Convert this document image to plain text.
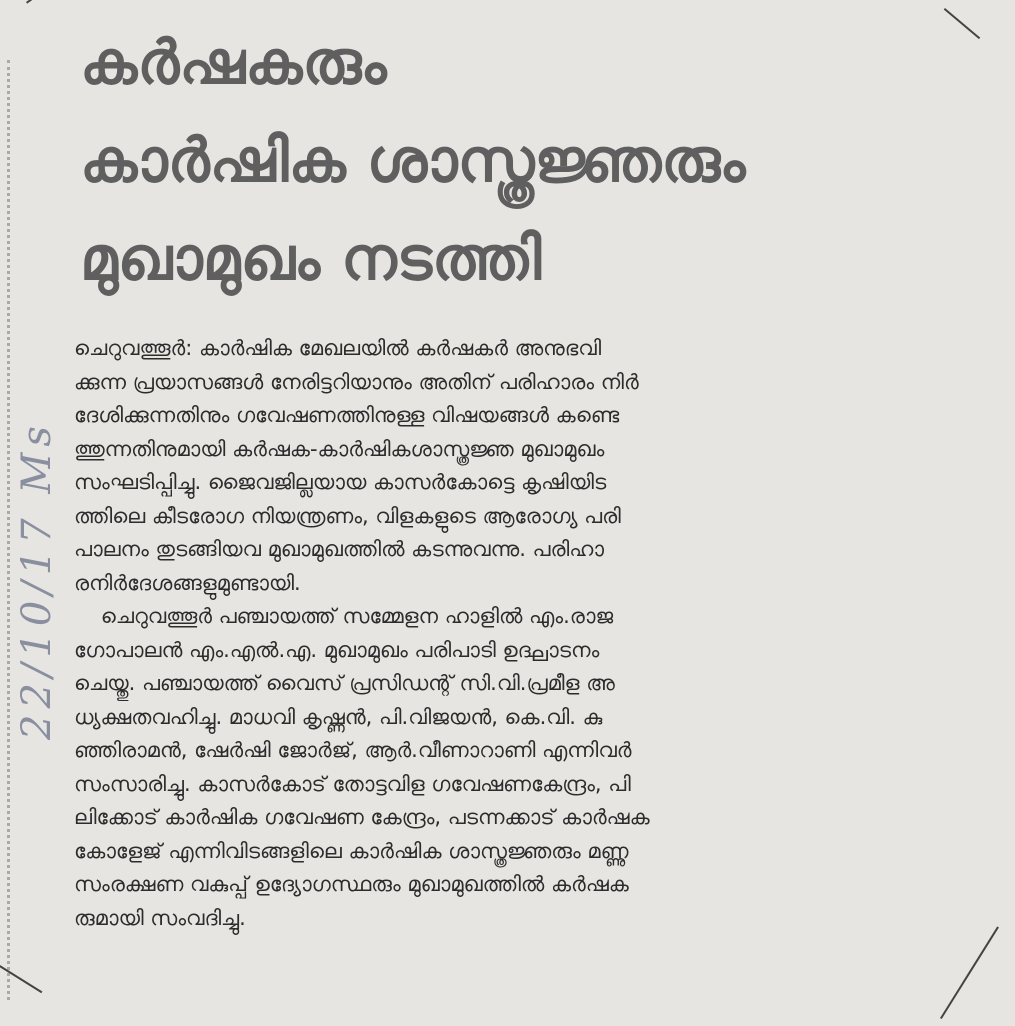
കർഷകരും
കാർഷിക ശാസ്ത്രജ്ഞരും
മുഖാമുഖം നടത്തി
ചെറുവത്തൂർ: കാർഷിക മേഖലയിൽ കർഷകർ അനുഭവി
ക്കുന്ന പ്രയാസങ്ങൾ നേരിട്ടറിയാനും അതിന് പരിഹാരം നിർ
ദേശിക്കുന്നതിനും ഗവേഷണത്തിനുള്ള വിഷയങ്ങൾ കണ്ടെ
ത്തുന്നതിനുമായി കർഷക-കാർഷികശാസ്ത്രജ്ഞ മുഖാമുഖം
സംഘടിപ്പിച്ചു. ജൈവജില്ലയായ കാസർകോട്ടെ കൃഷിയിട
ത്തിലെ കീടരോഗ നിയന്ത്രണം, വിളകളുടെ ആരോഗ്യ പരി
പാലനം തുടങ്ങിയവ മുഖാമുഖത്തിൽ കടന്നുവന്നു. പരിഹാ
രനിർദേശങ്ങളുമുണ്ടായി.
ചെറുവത്തൂർ പഞ്ചായത്ത് സമ്മേളന ഹാളിൽ എം.രാജ
ഗോപാലൻ എം.എൽ.എ. മുഖാമുഖം പരിപാടി ഉദ്ഘാടനം
ചെയ്തു. പഞ്ചായത്ത് വൈസ് പ്രസിഡന്റ് സി.വി.പ്രമീള അ
ധ്യക്ഷതവഹിച്ചു. മാധവി കൃഷ്ണൻ, പി.വിജയൻ, കെ.വി. കു
ഞ്ഞിരാമൻ, ഷേർഷി ജോർജ്, ആർ.വീണാറാണി എന്നിവർ
സംസാരിച്ചു. കാസർകോട് തോട്ടവിള ഗവേഷണകേന്ദ്രം, പി
ലിക്കോട് കാർഷിക ഗവേഷണ കേന്ദ്രം, പടന്നക്കാട് കാർഷക
കോളേജ് എന്നിവിടങ്ങളിലെ കാർഷിക ശാസ്ത്രജ്ഞരും മണ്ണു
സംരക്ഷണ വകുപ്പ് ഉദ്യോഗസ്ഥരും മുഖാമുഖത്തിൽ കർഷക
രുമായി സംവദിച്ചു.
22/10/17 Ms
